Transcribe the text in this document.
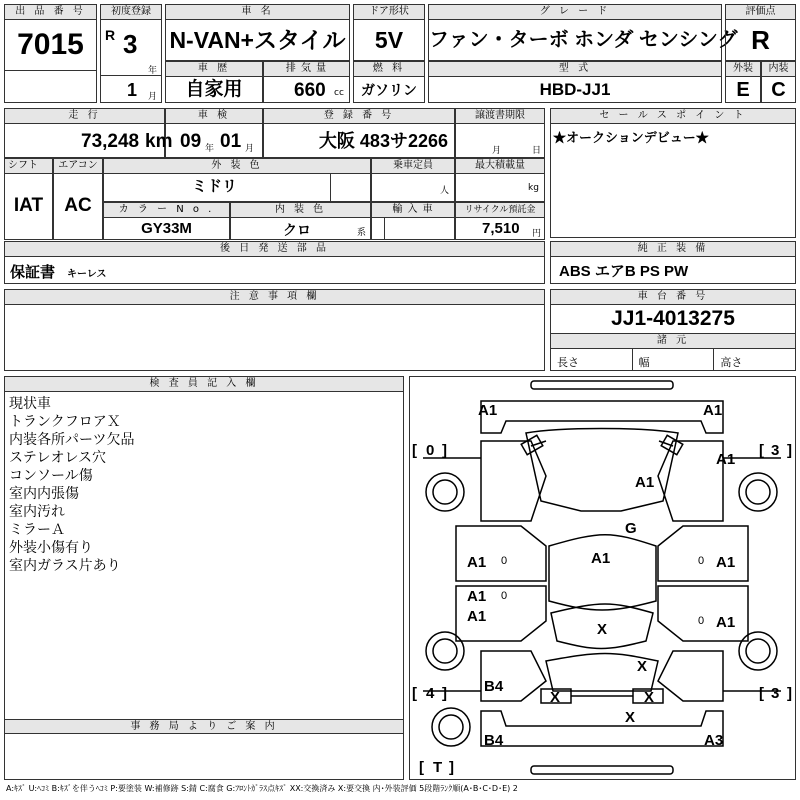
出 品 番 号
7015
初度登録
R 3
年
1 月
車 名
N-VAN+スタイル
ドア形状
5V
グ レ ー ド
ファン・ターボ ホンダ センシング
評価点
R
車 歴
自家用
排 気 量
660 cc
燃 料
ガソリン
型 式
HBD-JJ1
外装
E
内装
C
走 行
73,248 km
車 検
09 年 01 月
登 録 番 号
大阪 483サ2266
譲渡書期限
月	日
セ ー ル ス ポ イ ン ト
★オークションデビュー★
シフト
IAT
エアコン
AC
外 装 色
ミドリ
乗車定員
人
最大積載量
kg
カ ラ ー N o .
GY33M
内 装 色
クロ	系
輸 入 車	リサイクル預託金
7,510 円
後 日 発 送 部 品
保証書 キーレス
純 正 装 備
ABS エアB PS PW
注 意 事 項 欄	車 台 番 号
JJ1-4013275
諸 元
長さ	幅	高さ
検 査 員 記 入 欄
現状車
トランクフロアＸ
内装各所パーツ欠品
ステレオレス穴
コンソール傷
室内内張傷
室内汚れ
ミラーＡ
外装小傷有り
室内ガラス片あり
事 務 局 よ り ご 案 内
A1	A1
A1
A1
G
A1	A1	A1
A1
A1
A1
X
X
B4
X	X
X
B4	A3
0	0
0
0
[ 0 ]	[ 3 ]
[ 4 ]	[ 3 ]
[ T ]
A:ｷｽﾞ U:ﾍｺﾐ B:ｷｽﾞを伴うﾍｺﾐ P:要塗装 W:補修跡 S:錆 C:腐食 G:ﾌﾛﾝﾄｶﾞﾗｽ点ｷｽﾞ XX:交換済み X:要交換 内･外装評価 5段階ﾗﾝｸ順(A･B･C･D･E) 2
